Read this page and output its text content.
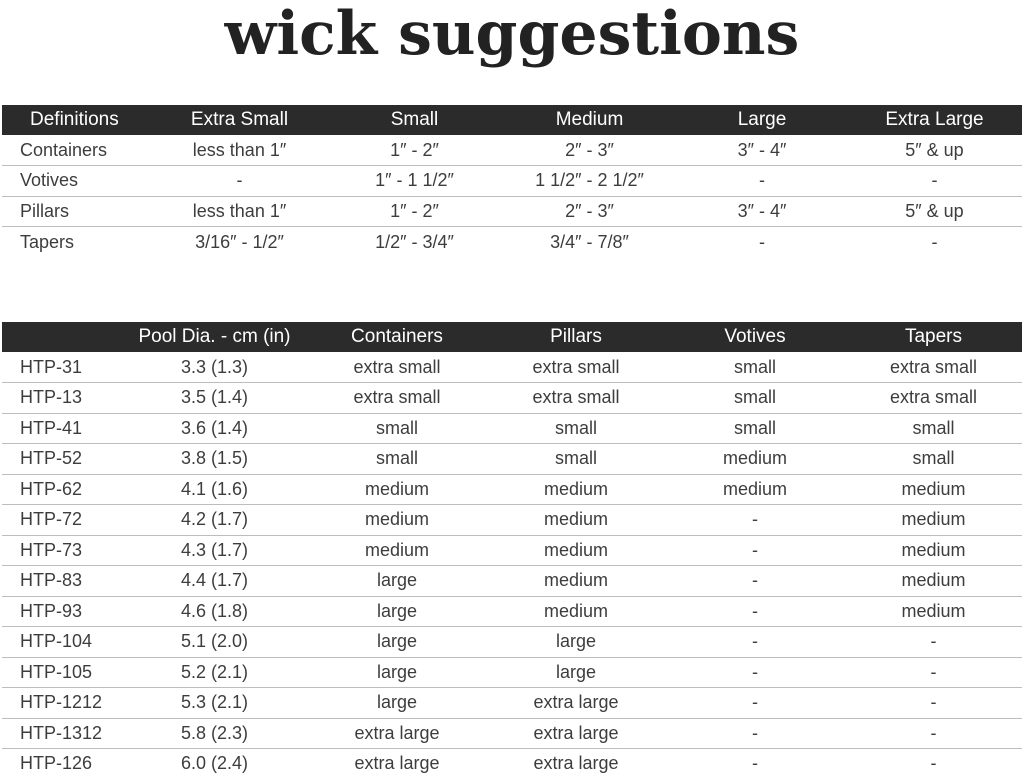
wick suggestions
Definitions	Extra Small	Small	Medium	Large	Extra Large
Containers	less than 1″	1″ - 2″	2″ - 3″	3″ - 4″	5″ & up
Votives	-	1″ - 1 1/2″	1 1/2″ - 2 1/2″	-	-
Pillars	less than 1″	1″ - 2″	2″ - 3″	3″ - 4″	5″ & up
Tapers	3/16″ - 1/2″	1/2″ - 3/4″	3/4″ - 7/8″	-	-
	Pool Dia. - cm (in)	Containers	Pillars	Votives	Tapers
HTP-31	3.3 (1.3)	extra small	extra small	small	extra small
HTP-13	3.5 (1.4)	extra small	extra small	small	extra small
HTP-41	3.6 (1.4)	small	small	small	small
HTP-52	3.8 (1.5)	small	small	medium	small
HTP-62	4.1 (1.6)	medium	medium	medium	medium
HTP-72	4.2 (1.7)	medium	medium	-	medium
HTP-73	4.3 (1.7)	medium	medium	-	medium
HTP-83	4.4 (1.7)	large	medium	-	medium
HTP-93	4.6 (1.8)	large	medium	-	medium
HTP-104	5.1 (2.0)	large	large	-	-
HTP-105	5.2 (2.1)	large	large	-	-
HTP-1212	5.3 (2.1)	large	extra large	-	-
HTP-1312	5.8 (2.3)	extra large	extra large	-	-
HTP-126	6.0 (2.4)	extra large	extra large	-	-
